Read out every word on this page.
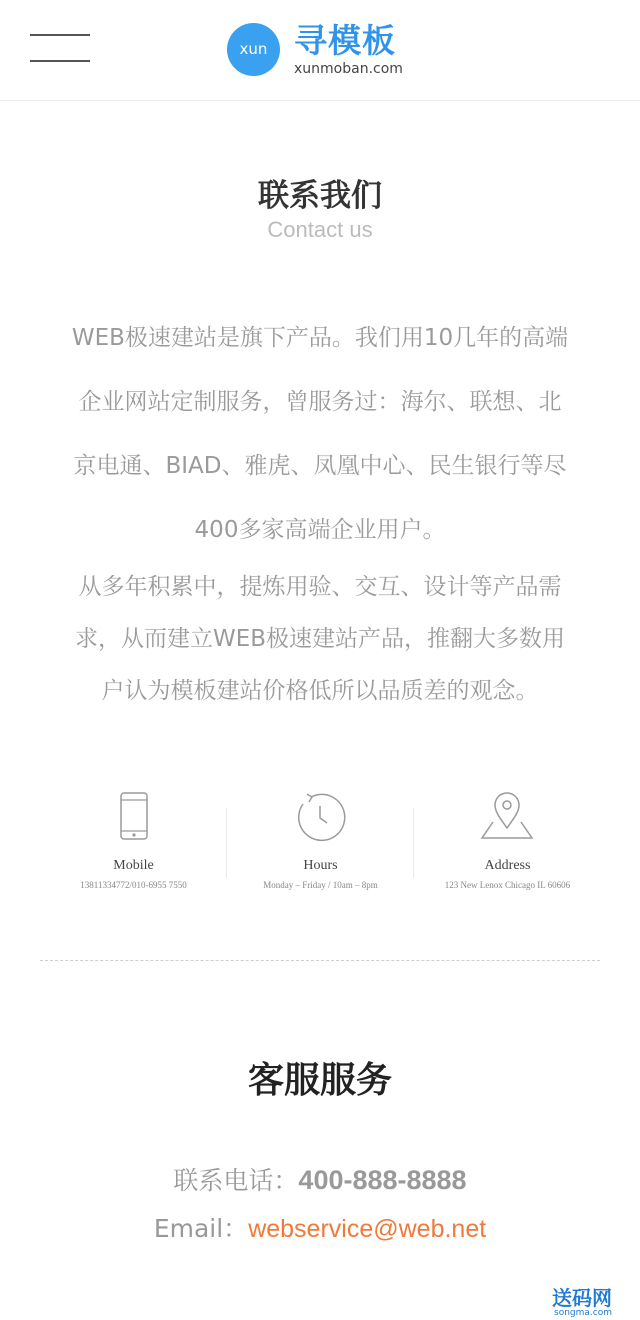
xun 寻模板
xunmoban.com
联系我们
Contact us

WEB极速建站是旗下产品。我们用10几年的高端

企业网站定制服务，曾服务过：海尔、联想、北

京电通、BIAD、雅虎、凤凰中心、民生银行等尽

400多家高端企业用户。

从多年积累中，提炼用验、交互、设计等产品需

求，从而建立WEB极速建站产品，推翻大多数用

户认为模板建站价格低所以品质差的观念。

Mobile
13811334772/010-6955 7550
Hours
Monday – Friday / 10am – 8pm
Address
123 New Lenox Chicago IL 60606
客服服务
联系电话：400-888-8888
Email：webservice@web.net
送码网
songma.com
